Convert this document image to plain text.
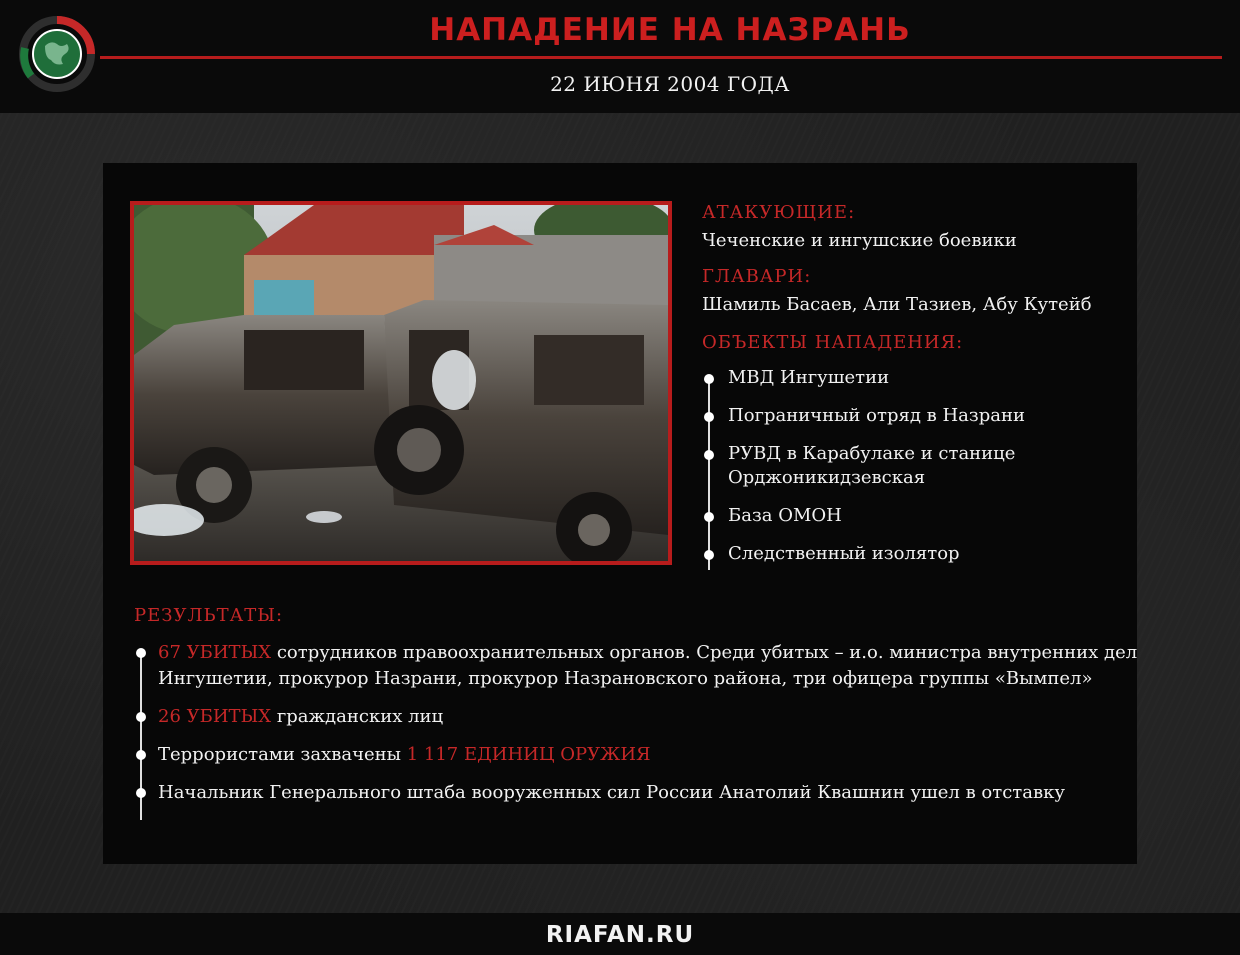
НАПАДЕНИЕ НА НАЗРАНЬ
22 ИЮНЯ 2004 ГОДА
АТАКУЮЩИЕ:
Чеченские и ингушские боевики
ГЛАВАРИ:
Шамиль Басаев, Али Тазиев, Абу Кутейб
ОБЪЕКТЫ НАПАДЕНИЯ:
МВД Ингушетии
Пограничный отряд в Назрани
РУВД в Карабулаке и станице Орджоникидзевская
База ОМОН
Следственный изолятор
РЕЗУЛЬТАТЫ:
67 УБИТЫХ сотрудников правоохранительных органов. Среди убитых – и.о. министра внутренних дел Ингушетии, прокурор Назрани, прокурор Назрановского района, три офицера группы «Вымпел»
26 УБИТЫХ гражданских лиц
Террористами захвачены 1 117 ЕДИНИЦ ОРУЖИЯ
Начальник Генерального штаба вооруженных сил России Анатолий Квашнин ушел в отставку
RIAFAN.RU
